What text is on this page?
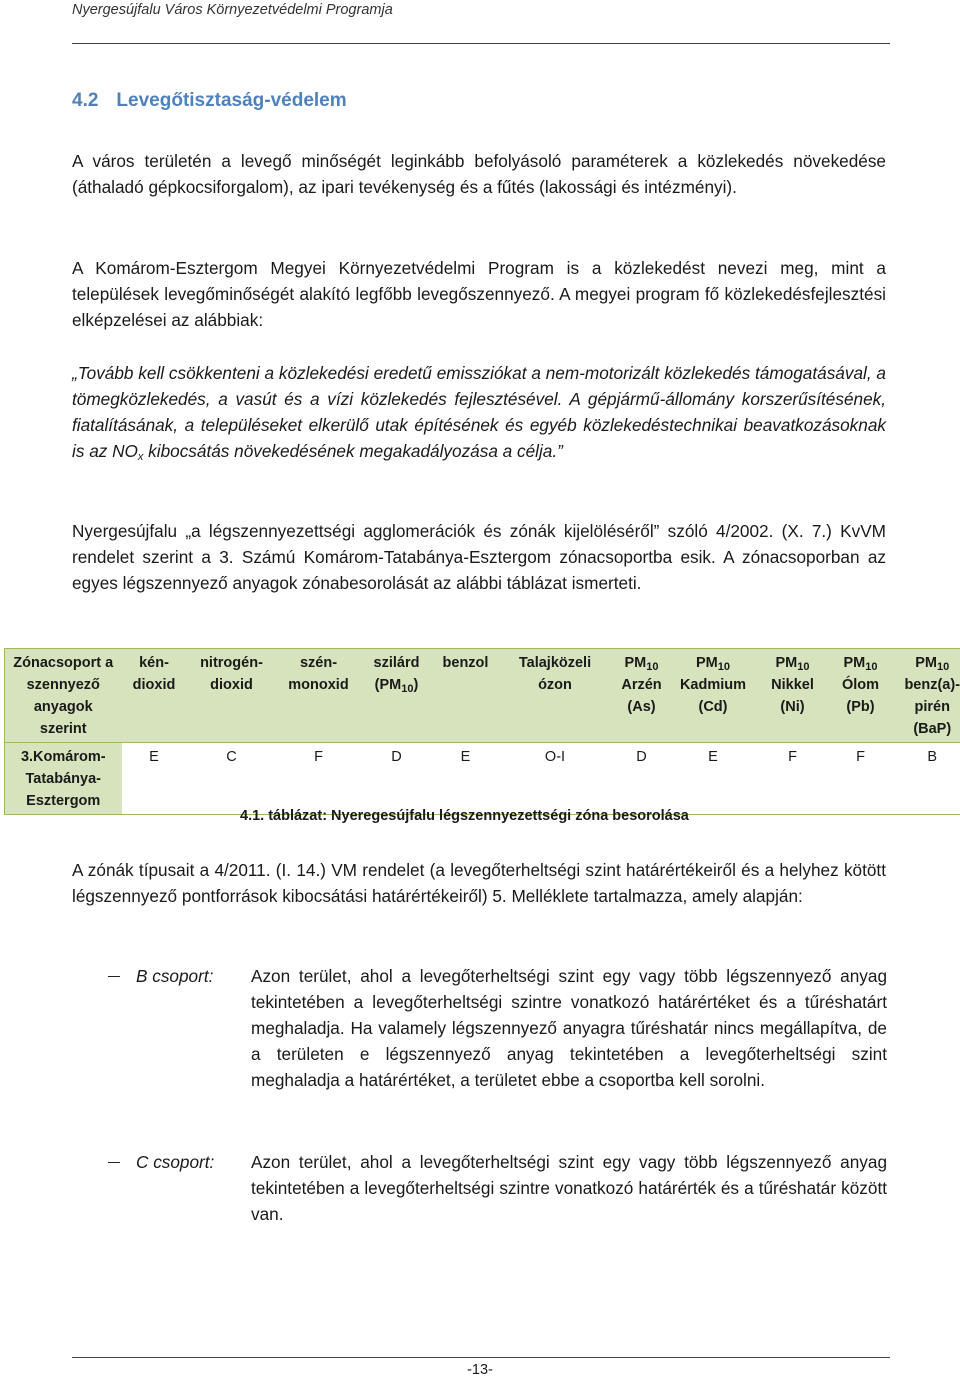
Nyergesújfalu Város Környezetvédelmi Programja
4.2 Levegőtisztaság-védelem

A város területén a levegő minőségét leginkább befolyásoló paraméterek a közlekedés növekedése (áthaladó gépkocsiforgalom), az ipari tevékenység és a fűtés (lakossági és intézményi).

A Komárom-Esztergom Megyei Környezetvédelmi Program is a közlekedést nevezi meg, mint a települések levegőminőségét alakító legfőbb levegőszennyező. A megyei program fő közlekedésfejlesztési elképzelései az alábbiak:

„Tovább kell csökkenteni a közlekedési eredetű emissziókat a nem-motorizált közlekedés támogatásával, a tömegközlekedés, a vasút és a vízi közlekedés fejlesztésével. A gépjármű-állomány korszerűsítésének, fiatalításának, a településeket elkerülő utak építésének és egyéb közlekedéstechnikai beavatkozásoknak is az $NO_x$ kibocsátás növekedésének megakadályozása a célja.”

Nyergesújfalu „a légszennyezettségi agglomerációk és zónák kijelöléséről” szóló 4/2002. (X. 7.) KvVM rendelet szerint a 3. Számú Komárom-Tatabánya-Esztergom zónacsoportba esik. A zónacsoporban az egyes légszennyező anyagok zónabesorolását az alábbi táblázat ismerteti.

Zónacsoport a szennyező anyagok szerint	kén-dioxid	nitrogén-dioxid	szén-monoxid	szilárd $(PM_{10})$	benzol	Talajközeli ózon	$PM_{10}$ Arzén (As)	$PM_{10}$ Kadmium (Cd)	$PM_{10}$ Nikkel (Ni)	$PM_{10}$ Ólom (Pb)	$PM_{10}$ benz(a)-pirén (BaP)
3.Komárom-Tatabánya-Esztergom	E	C	F	D	E	O-I	D	E	F	F	B
4.1. táblázat: Nyeregesújfalu légszennyezettségi zóna besorolása

A zónák típusait a 4/2011. (I. 14.) VM rendelet (a levegőterheltségi szint határértékeiről és a helyhez kötött légszennyező pontforrások kibocsátási határértékeiről) 5. Melléklete tartalmazza, amely alapján:

B csoport: Azon terület, ahol a levegőterheltségi szint egy vagy több légszennyező anyag tekintetében a levegőterheltségi szintre vonatkozó határértéket és a tűréshatárt meghaladja. Ha valamely légszennyező anyagra tűréshatár nincs megállapítva, de a területen e légszennyező anyag tekintetében a levegőterheltségi szint meghaladja a határértéket, a területet ebbe a csoportba kell sorolni.

C csoport: Azon terület, ahol a levegőterheltségi szint egy vagy több légszennyező anyag tekintetében a levegőterheltségi szintre vonatkozó határérték és a tűréshatár között van.

-13-
